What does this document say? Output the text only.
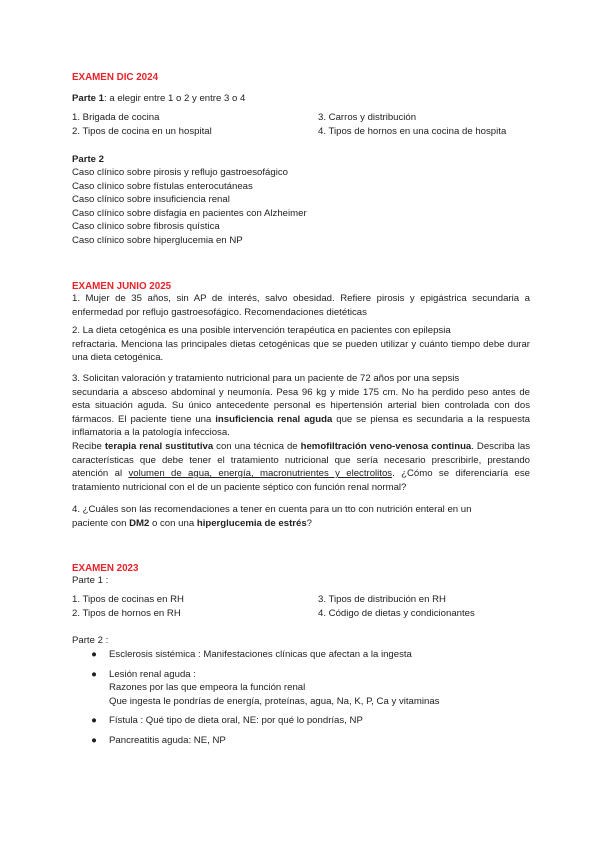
EXAMEN DIC 2024
Parte 1: a elegir entre 1 o 2 y entre 3 o 4
1. Brigada de cocina
2. Tipos de cocina en un hospital
3. Carros y distribución
4. Tipos de hornos en una cocina de hospita
Parte 2
Caso clínico sobre pirosis y reflujo gastroesofágico
Caso clínico sobre fístulas enterocutáneas
Caso clínico sobre insuficiencia renal
Caso clínico sobre disfagia en pacientes con Alzheimer
Caso clínico sobre fibrosis quística
Caso clínico sobre hiperglucemia en NP
EXAMEN JUNIO 2025

1. Mujer de 35 años, sin AP de interés, salvo obesidad. Refiere pirosis y epigástrica secundaria a enfermedad por reflujo gastroesofágico. Recomendaciones dietéticas

2. La dieta cetogénica es una posible intervención terapéutica en pacientes con epilepsia
refractaria. Menciona las principales dietas cetogénicas que se pueden utilizar y cuánto tiempo debe durar una dieta cetogénica.
3. Solicitan valoración y tratamiento nutricional para un paciente de 72 años por una sepsis
secundaria a absceso abdominal y neumonía. Pesa 96 kg y mide 175 cm. No ha perdido peso antes de esta situación aguda. Su único antecedente personal es hipertensión arterial bien controlada con dos fármacos. El paciente tiene una insuficiencia renal aguda que se piensa es secundaria a la respuesta inflamatoria a la patología infecciosa.
Recibe terapia renal sustitutiva con una técnica de hemofiltración veno-venosa continua. Describa las características que debe tener el tratamiento nutricional que sería necesario prescribirle, prestando atención al volumen de agua, energía, macronutrientes y electrolitos. ¿Cómo se diferenciaría ese tratamiento nutricional con el de un paciente séptico con función renal normal?
4. ¿Cuáles son las recomendaciones a tener en cuenta para un tto con nutrición enteral en un
paciente con DM2 o con una hiperglucemia de estrés?
EXAMEN 2023
Parte 1 :
1. Tipos de cocinas en RH
2. Tipos de hornos en RH
3. Tipos de distribución en RH
4. Código de dietas y condicionantes
Parte 2 :
● Esclerosis sistémica : Manifestaciones clínicas que afectan a la ingesta
● Lesión renal aguda :
Razones por las que empeora la función renal
Que ingesta le pondrías de energía, proteínas, agua, Na, K, P, Ca y vitaminas
● Fístula : Qué tipo de dieta oral, NE: por qué lo pondrías, NP
● Pancreatitis aguda: NE, NP
